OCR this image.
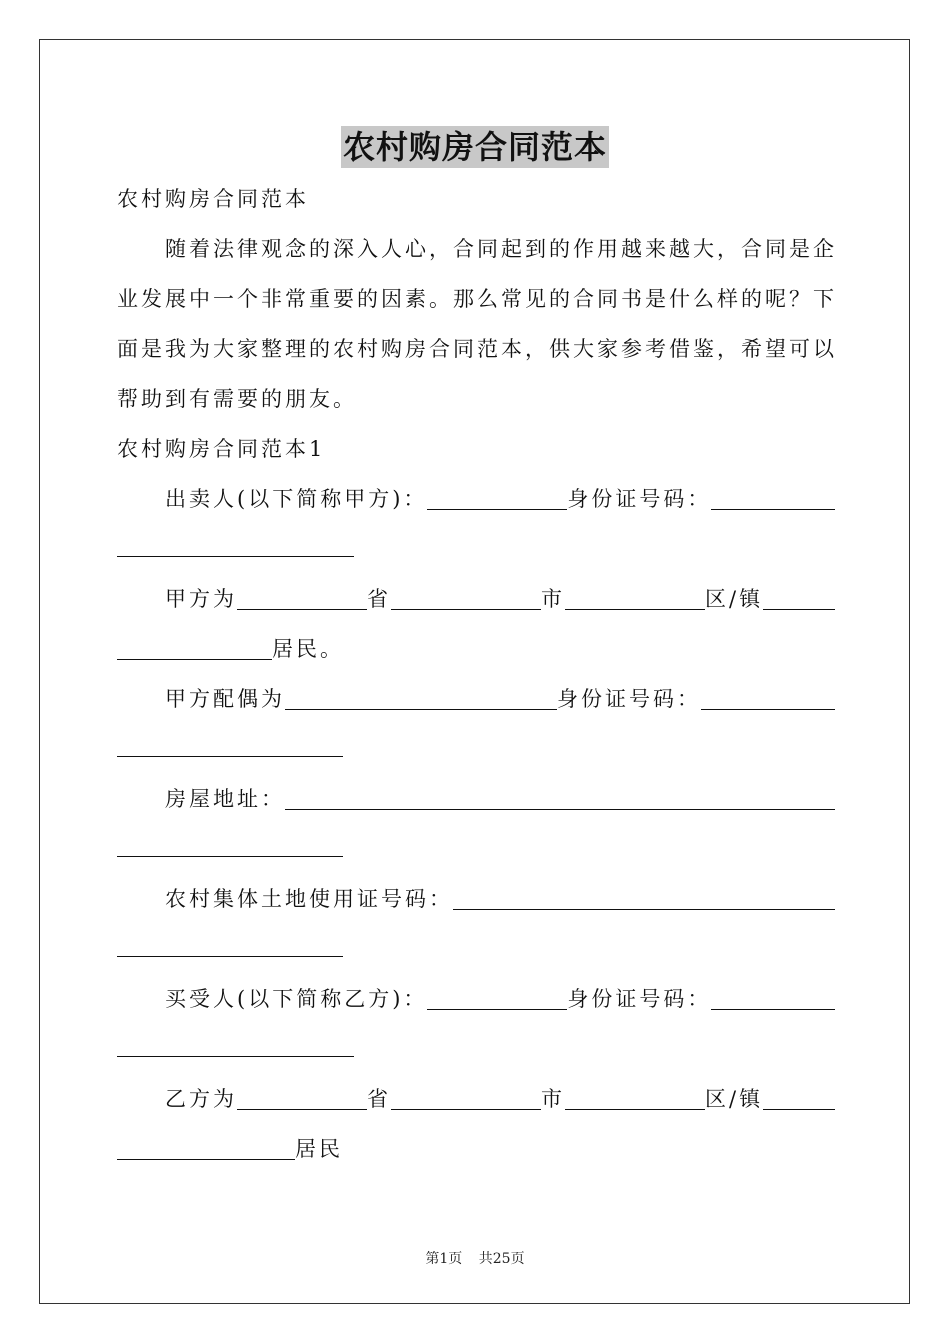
农村购房合同范本
农村购房合同范本
随着法律观念的深入人心，合同起到的作用越来越大，合同是企
业发展中一个非常重要的因素。那么常见的合同书是什么样的呢？下
面是我为大家整理的农村购房合同范本，供大家参考借鉴，希望可以
帮助到有需要的朋友。
农村购房合同范本1
出卖人(以下简称甲方)：	身份证号码：
甲方为	省	市	区/镇
居民。
甲方配偶为	身份证号码：
房屋地址：
农村集体土地使用证号码：
买受人(以下简称乙方)：	身份证号码：
乙方为	省	市	区/镇
居民
第1页 共25页
